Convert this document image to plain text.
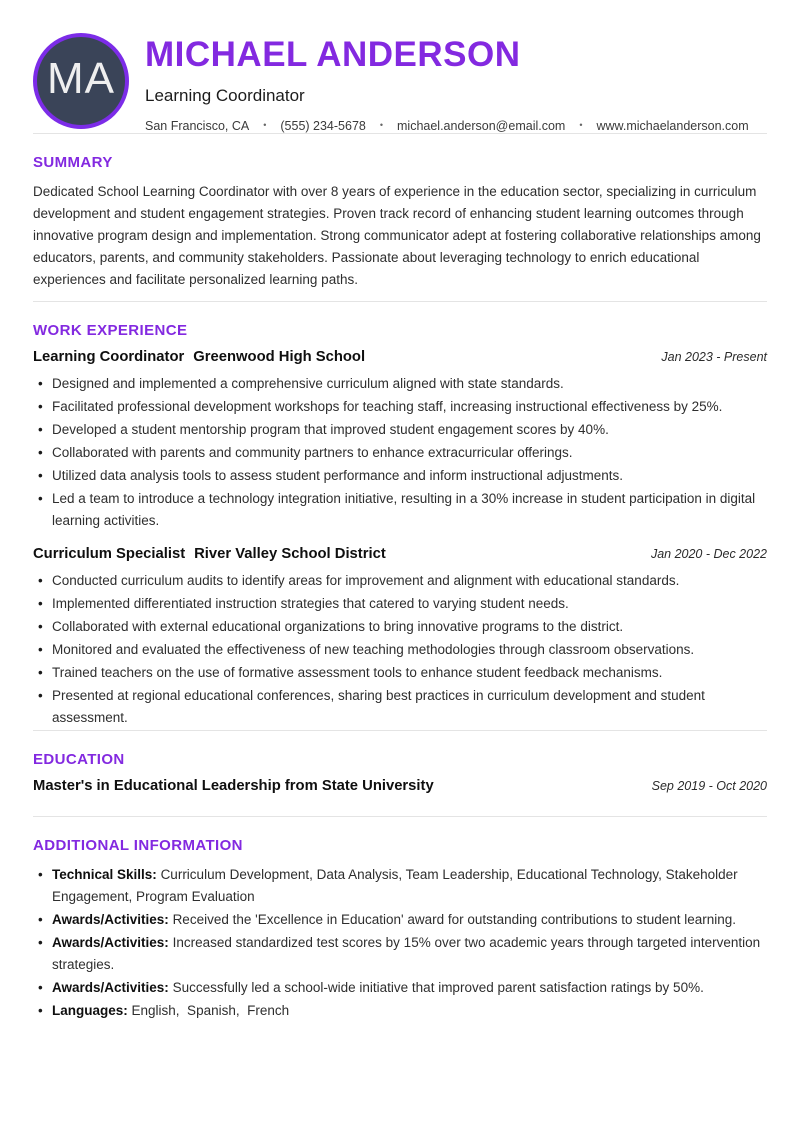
MA MICHAEL ANDERSON
Learning Coordinator
San Francisco, CA • (555) 234-5678 • michael.anderson@email.com • www.michaelanderson.com
SUMMARY

Dedicated School Learning Coordinator with over 8 years of experience in the education sector, specializing in curriculum development and student engagement strategies. Proven track record of enhancing student learning outcomes through innovative program design and implementation. Strong communicator adept at fostering collaborative relationships among educators, parents, and community stakeholders. Passionate about leveraging technology to enrich educational experiences and facilitate personalized learning paths.

WORK EXPERIENCE
Learning Coordinator Greenwood High School	Jan 2023 - Present
• Designed and implemented a comprehensive curriculum aligned with state standards.
• Facilitated professional development workshops for teaching staff, increasing instructional effectiveness by 25%.
• Developed a student mentorship program that improved student engagement scores by 40%.
• Collaborated with parents and community partners to enhance extracurricular offerings.
• Utilized data analysis tools to assess student performance and inform instructional adjustments.
• Led a team to introduce a technology integration initiative, resulting in a 30% increase in student participation in digital learning activities.
Curriculum Specialist River Valley School District	Jan 2020 - Dec 2022
• Conducted curriculum audits to identify areas for improvement and alignment with educational standards.
• Implemented differentiated instruction strategies that catered to varying student needs.
• Collaborated with external educational organizations to bring innovative programs to the district.
• Monitored and evaluated the effectiveness of new teaching methodologies through classroom observations.
• Trained teachers on the use of formative assessment tools to enhance student feedback mechanisms.
• Presented at regional educational conferences, sharing best practices in curriculum development and student assessment.
EDUCATION
Master's in Educational Leadership from State University	Sep 2019 - Oct 2020
ADDITIONAL INFORMATION
• Technical Skills: Curriculum Development, Data Analysis, Team Leadership, Educational Technology, Stakeholder Engagement, Program Evaluation
• Awards/Activities: Received the 'Excellence in Education' award for outstanding contributions to student learning.
• Awards/Activities: Increased standardized test scores by 15% over two academic years through targeted intervention strategies.
• Awards/Activities: Successfully led a school-wide initiative that improved parent satisfaction ratings by 50%.
• Languages: English,  Spanish,  French
